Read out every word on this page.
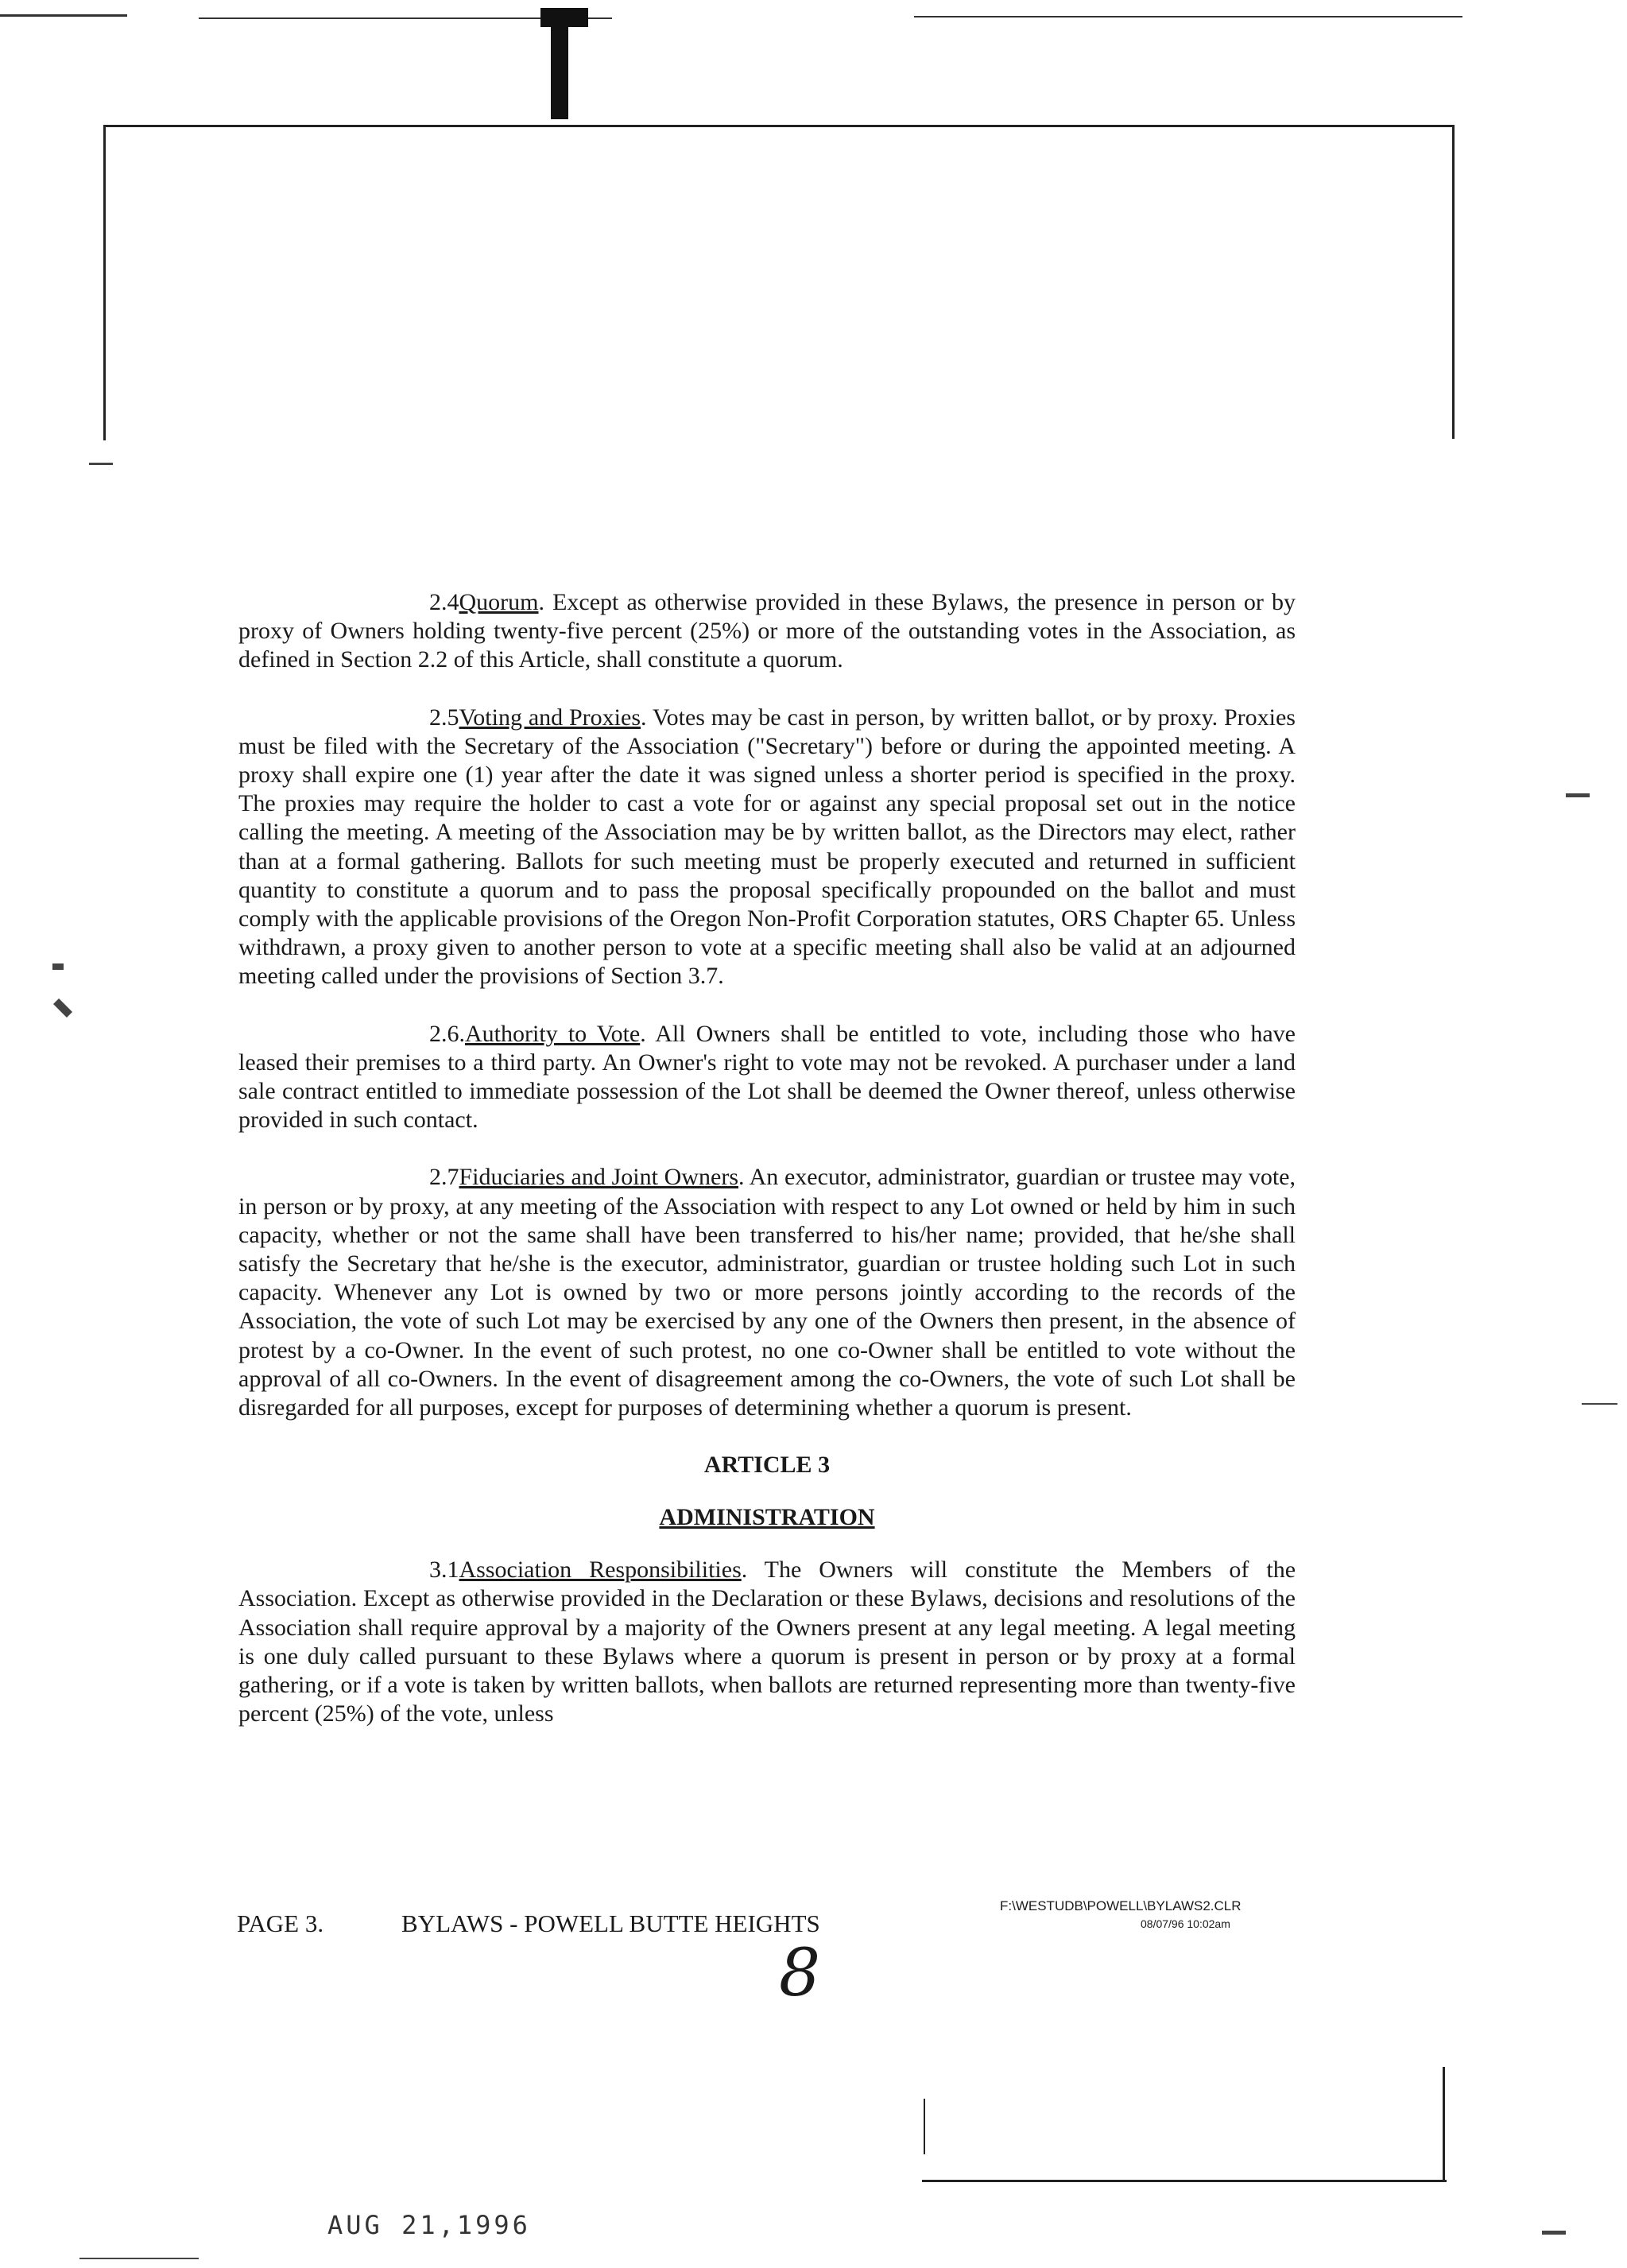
2.4Quorum. Except as otherwise provided in these Bylaws, the presence in person or by proxy of Owners holding twenty-five percent (25%) or more of the outstanding votes in the Association, as defined in Section 2.2 of this Article, shall constitute a quorum.

2.5Voting and Proxies. Votes may be cast in person, by written ballot, or by proxy. Proxies must be filed with the Secretary of the Association ("Secretary") before or during the appointed meeting. A proxy shall expire one (1) year after the date it was signed unless a shorter period is specified in the proxy. The proxies may require the holder to cast a vote for or against any special proposal set out in the notice calling the meeting. A meeting of the Association may be by written ballot, as the Directors may elect, rather than at a formal gathering. Ballots for such meeting must be properly executed and returned in sufficient quantity to constitute a quorum and to pass the proposal specifically propounded on the ballot and must comply with the applicable provisions of the Oregon Non-Profit Corporation statutes, ORS Chapter 65. Unless withdrawn, a proxy given to another person to vote at a specific meeting shall also be valid at an adjourned meeting called under the provisions of Section 3.7.

2.6.Authority to Vote. All Owners shall be entitled to vote, including those who have leased their premises to a third party. An Owner's right to vote may not be revoked. A purchaser under a land sale contract entitled to immediate possession of the Lot shall be deemed the Owner thereof, unless otherwise provided in such contact.

2.7Fiduciaries and Joint Owners. An executor, administrator, guardian or trustee may vote, in person or by proxy, at any meeting of the Association with respect to any Lot owned or held by him in such capacity, whether or not the same shall have been transferred to his/her name; provided, that he/she shall satisfy the Secretary that he/she is the executor, administrator, guardian or trustee holding such Lot in such capacity. Whenever any Lot is owned by two or more persons jointly according to the records of the Association, the vote of such Lot may be exercised by any one of the Owners then present, in the absence of protest by a co-Owner. In the event of such protest, no one co-Owner shall be entitled to vote without the approval of all co-Owners. In the event of disagreement among the co-Owners, the vote of such Lot shall be disregarded for all purposes, except for purposes of determining whether a quorum is present.

ARTICLE 3
ADMINISTRATION

3.1Association Responsibilities. The Owners will constitute the Members of the Association. Except as otherwise provided in the Declaration or these Bylaws, decisions and resolutions of the Association shall require approval by a majority of the Owners present at any legal meeting. A legal meeting is one duly called pursuant to these Bylaws where a quorum is present in person or by proxy at a formal gathering, or if a vote is taken by written ballots, when ballots are returned representing more than twenty-five percent (25%) of the vote, unless

PAGE 3.	BYLAWS - POWELL BUTTE HEIGHTS
F:\WESTUDB\POWELL\BYLAWS2.CLR
08/07/96 10:02am
8
AUG 21,1996
